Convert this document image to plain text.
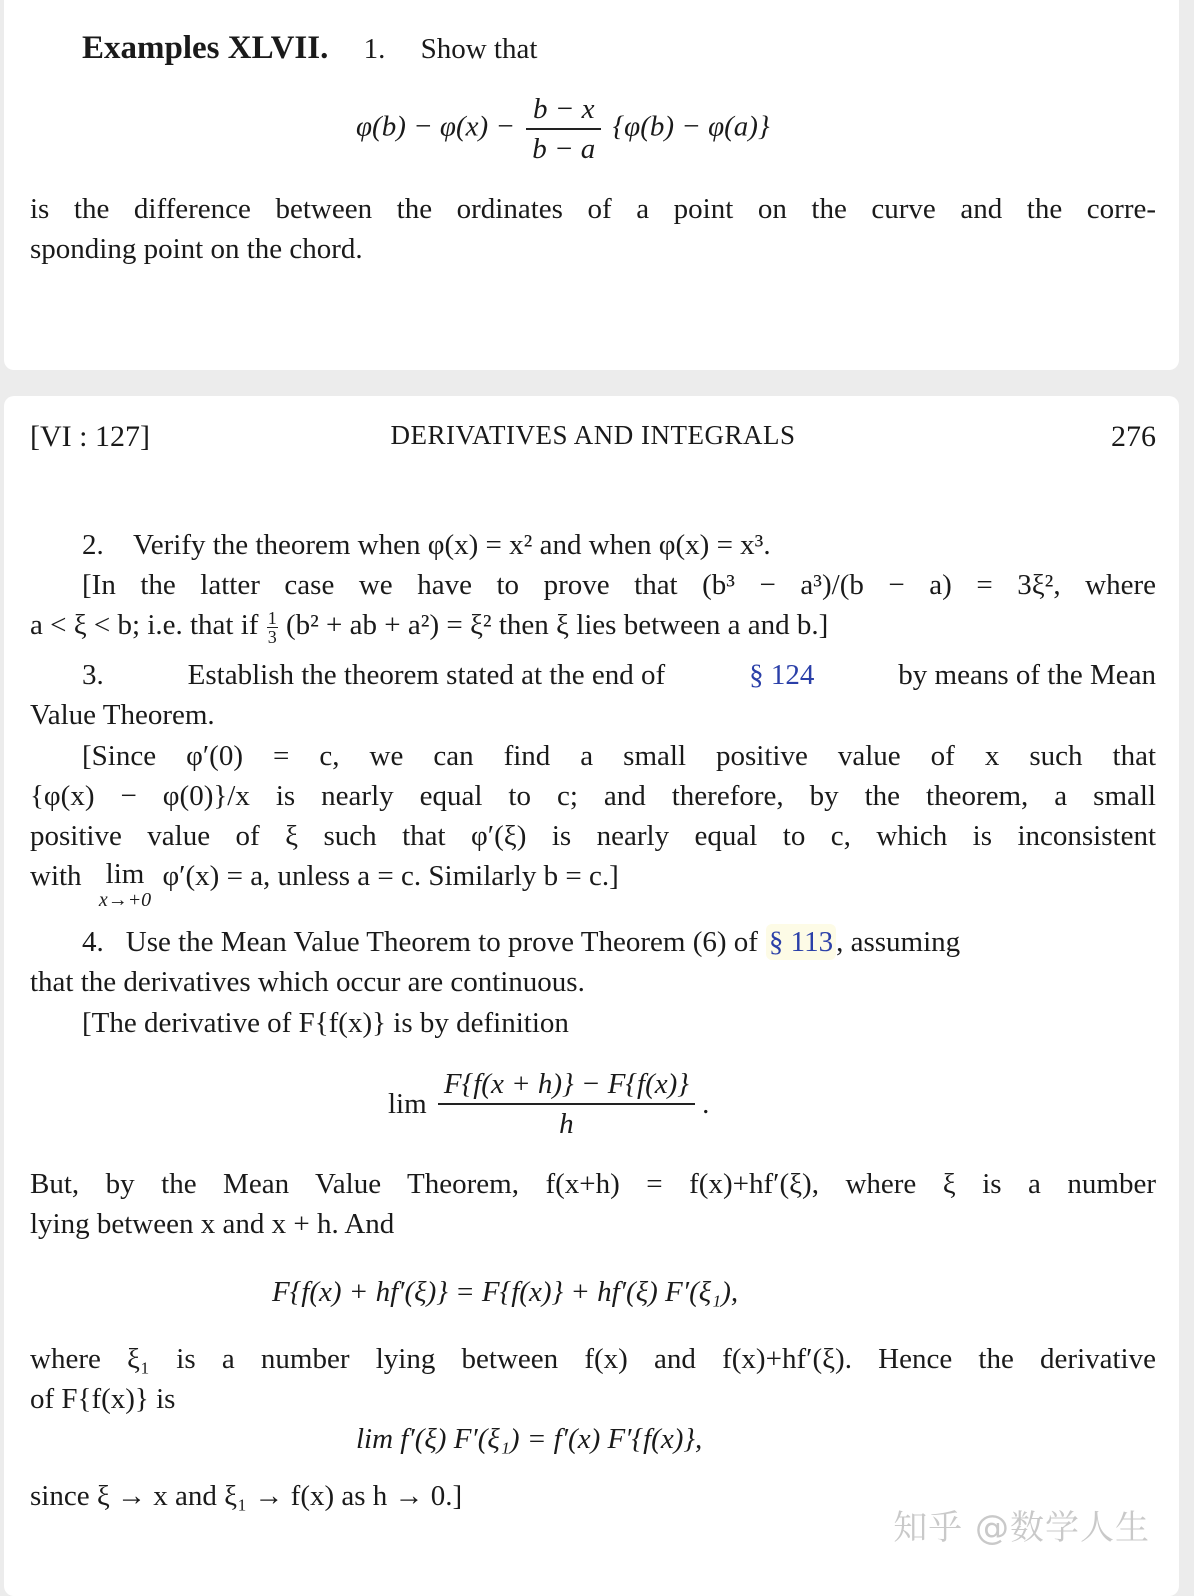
Examples XLVII. 1. Show that
$\varphi(b) - \varphi(x) - \frac{b - x}{b - a} \{\varphi(b) - \varphi(a)\}$
is the difference between the ordinates of a point on the curve and the corre-
sponding point on the chord.
[VI : 127]	DERIVATIVES AND INTEGRALS	276
2. Verify the theorem when φ(x) = x² and when φ(x) = x³.
[In the latter case we have to prove that (b³ − a³)/(b − a) = 3ξ², where
a < ξ < b; i.e. that if $\frac{1}{3} (b^2$ + ab + a²) = ξ² then ξ lies between a and b.]
3.	Establish the theorem stated at the end of	§ 124	by means of the Mean
Value Theorem.
[Since φ′(0) = c, we can find a small positive value of x such that
{φ(x) − φ(0)}/x is nearly equal to c; and therefore, by the theorem, a small
positive value of ξ such that φ′(ξ) is nearly equal to c, which is inconsistent
with lim
x→+0
φ′(x) = a, unless a = c. Similarly b = c.]
4. Use the Mean Value Theorem to prove Theorem (6) of § 113 , assuming
that the derivatives which occur are continuous.
[The derivative of F{f(x)} is by definition
$\lim \frac{F\{f(x + h)\} - F\{f(x)\}}{h}$ .
But, by the Mean Value Theorem, f(x+h) = f(x)+hf′(ξ), where ξ is a number
lying between x and x + h. And
F{f(x) + hf′(ξ)} = F{f(x)} + hf′(ξ) F′(ξ₁),
where ξ₁ is a number lying between f(x) and f(x)+hf′(ξ). Hence the derivative
of F{f(x)} is
lim f′(ξ) F′(ξ₁) = f′(x) F′{f(x)},
since ξ → x and ξ₁ → f(x) as h → 0.]
知乎 @数学人生
